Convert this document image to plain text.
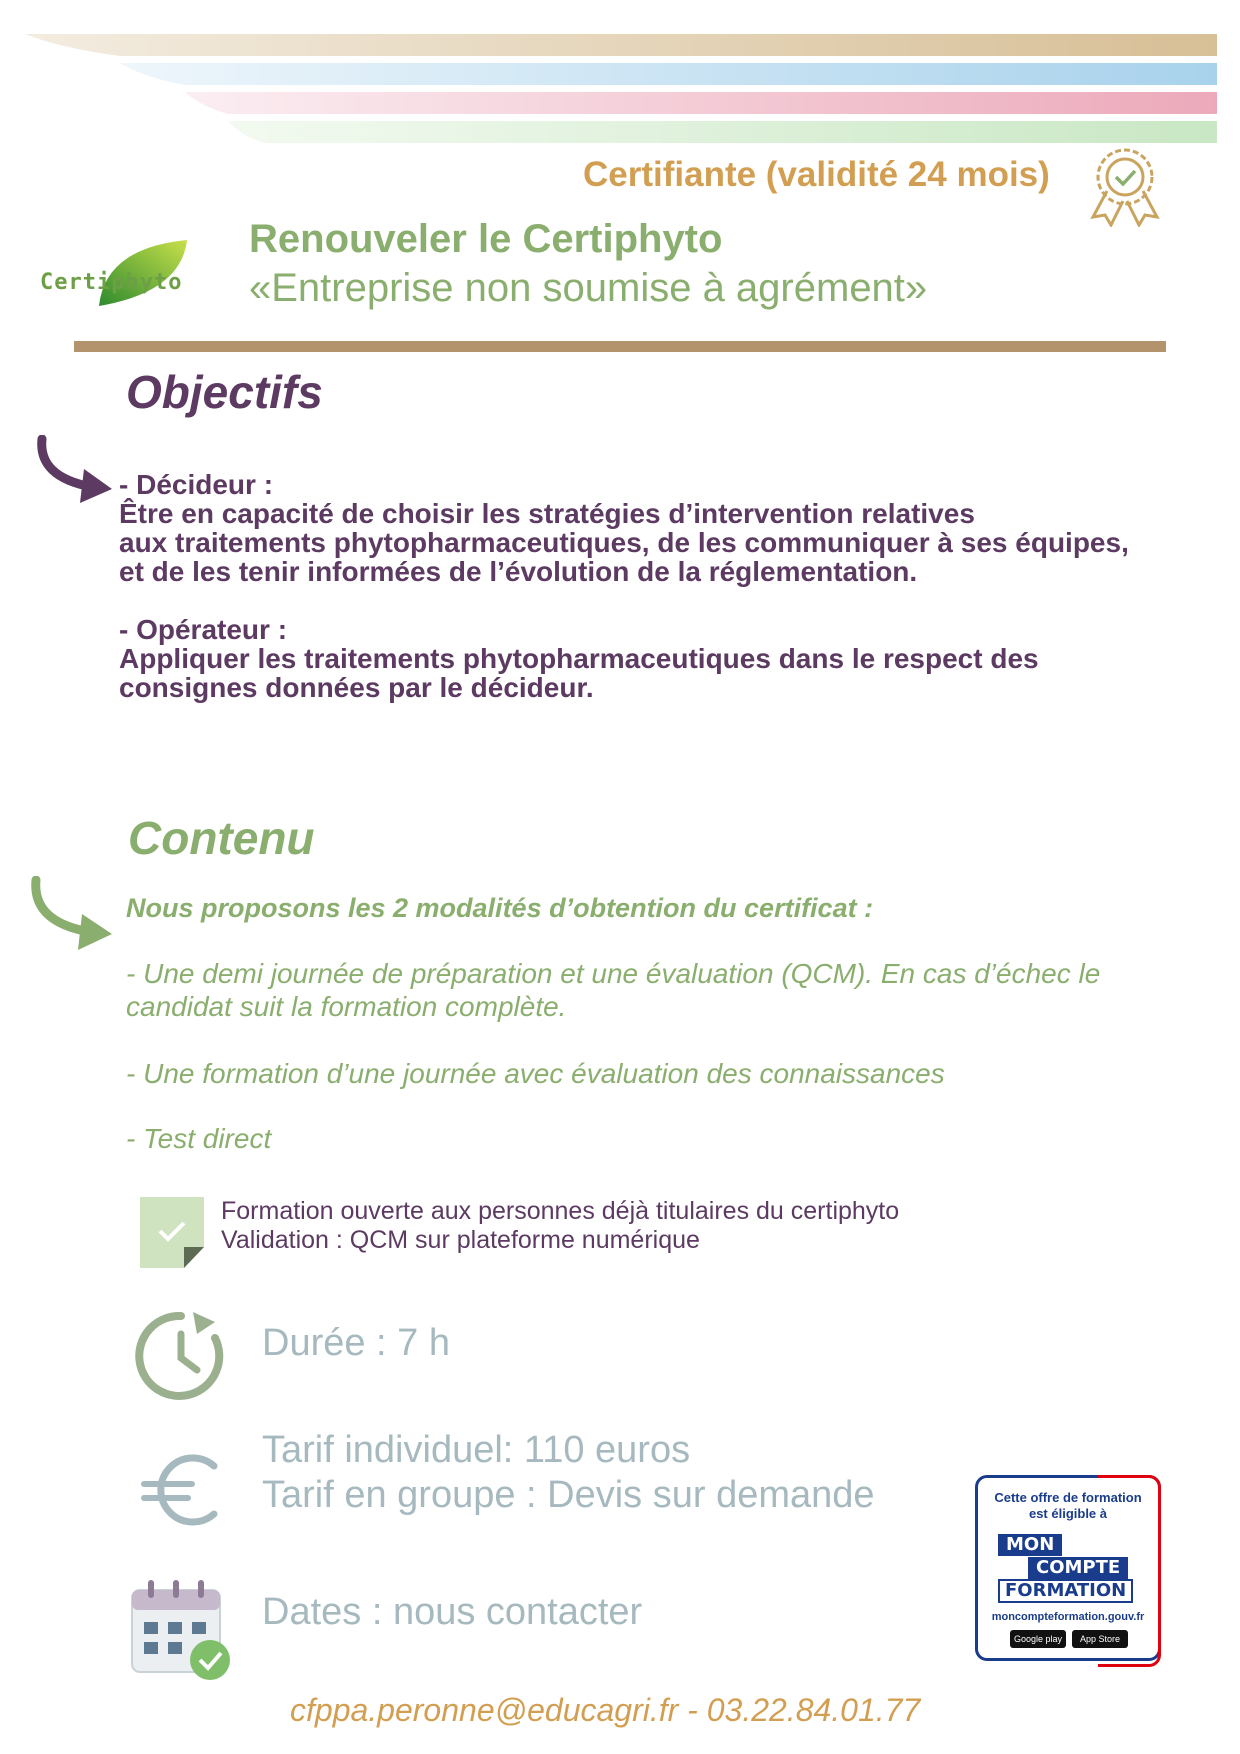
Certifiante (validité 24 mois)
Renouveler le Certiphyto
«Entreprise non soumise à agrément»
Certiphyto
Objectifs

- Décideur :
Être en capacité de choisir les stratégies d’intervention relatives
aux traitements phytopharmaceutiques, de les communiquer à ses équipes,
et de les tenir informées de l’évolution de la réglementation.

- Opérateur :
Appliquer les traitements phytopharmaceutiques dans le respect des
consignes données par le décideur.

Contenu
Nous proposons les 2 modalités d’obtention du certificat :
- Une demi journée de préparation et une évaluation (QCM). En cas d’échec le
candidat suit la formation complète.
- Une formation d’une journée avec évaluation des connaissances
- Test direct
Formation ouverte aux personnes déjà titulaires du certiphyto
Validation : QCM sur plateforme numérique
Durée : 7 h
Tarif individuel: 110 euros
Tarif en groupe : Devis sur demande
Dates : nous contacter
Cette offre de formation
est éligible à
MON
COMPTE
FORMATION
moncompteformation.gouv.fr
Google play	App Store
cfppa.peronne@educagri.fr - 03.22.84.01.77
